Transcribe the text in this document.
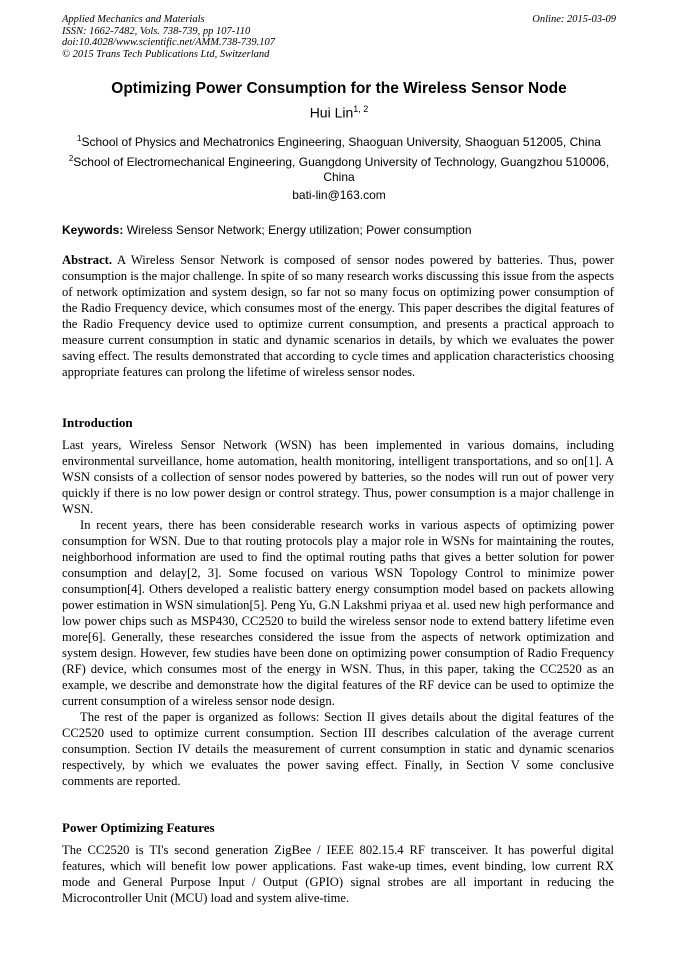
Applied Mechanics and Materials
ISSN: 1662-7482, Vols. 738-739, pp 107-110
doi:10.4028/www.scientific.net/AMM.738-739.107
© 2015 Trans Tech Publications Ltd, Switzerland
Online: 2015-03-09
Optimizing Power Consumption for the Wireless Sensor Node
Hui Lin$^{1, 2}$
$^1$School of Physics and Mechatronics Engineering, Shaoguan University, Shaoguan 512005, China
$^2$School of Electromechanical Engineering, Guangdong University of Technology, Guangzhou 510006, China
bati-lin@163.com
Keywords: Wireless Sensor Network; Energy utilization; Power consumption

Abstract. A Wireless Sensor Network is composed of sensor nodes powered by batteries. Thus, power consumption is the major challenge. In spite of so many research works discussing this issue from the aspects of network optimization and system design, so far not so many focus on optimizing power consumption of the Radio Frequency device, which consumes most of the energy. This paper describes the digital features of the Radio Frequency device used to optimize current consumption, and presents a practical approach to measure current consumption in static and dynamic scenarios in details, by which we evaluates the power saving effect. The results demonstrated that according to cycle times and application characteristics choosing appropriate features can prolong the lifetime of wireless sensor nodes.

Introduction

Last years, Wireless Sensor Network (WSN) has been implemented in various domains, including environmental surveillance, home automation, health monitoring, intelligent transportations, and so on[1]. A WSN consists of a collection of sensor nodes powered by batteries, so the nodes will run out of power very quickly if there is no low power design or control strategy. Thus, power consumption is a major challenge in WSN.

In recent years, there has been considerable research works in various aspects of optimizing power consumption for WSN. Due to that routing protocols play a major role in WSNs for maintaining the routes, neighborhood information are used to find the optimal routing paths that gives a better solution for power consumption and delay[2, 3]. Some focused on various WSN Topology Control to minimize power consumption[4]. Others developed a realistic battery energy consumption model based on packets allowing power estimation in WSN simulation[5]. Peng Yu, G.N Lakshmi priyaa et al. used new high performance and low power chips such as MSP430, CC2520 to build the wireless sensor node to extend battery lifetime even more[6]. Generally, these researches considered the issue from the aspects of network optimization and system design. However, few studies have been done on optimizing power consumption of Radio Frequency (RF) device, which consumes most of the energy in WSN. Thus, in this paper, taking the CC2520 as an example, we describe and demonstrate how the digital features of the RF device can be used to optimize the current consumption of a wireless sensor node design.

The rest of the paper is organized as follows: Section II gives details about the digital features of the CC2520 used to optimize current consumption. Section III describes calculation of the average current consumption. Section IV details the measurement of current consumption in static and dynamic scenarios respectively, by which we evaluates the power saving effect. Finally, in Section V some conclusive comments are reported.

Power Optimizing Features

The CC2520 is TI's second generation ZigBee / IEEE 802.15.4 RF transceiver. It has powerful digital features, which will benefit low power applications. Fast wake-up times, event binding, low current RX mode and General Purpose Input / Output (GPIO) signal strobes are all important in reducing the Microcontroller Unit (MCU) load and system alive-time.
